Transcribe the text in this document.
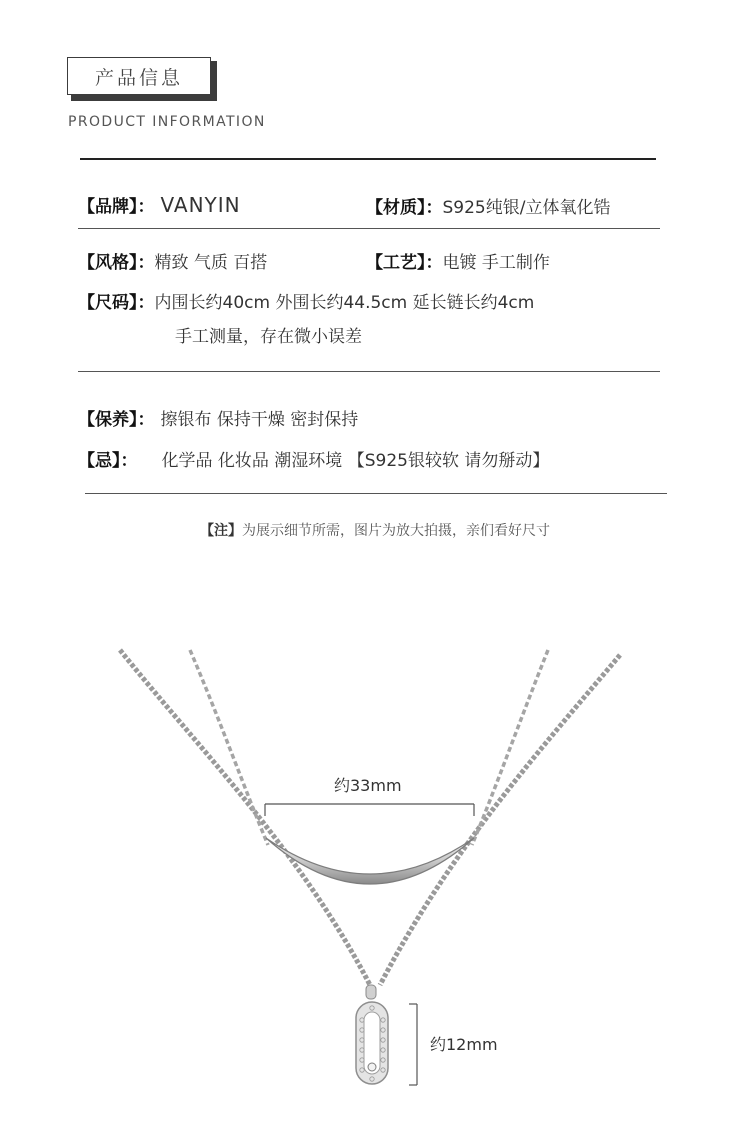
产品信息
PRODUCT INFORMATION
【品牌】： VANYIN	【材质】：S925纯银/立体氧化锆
【风格】：精致 气质 百搭	【工艺】：电镀 手工制作
【尺码】：内围长约40cm 外围长约44.5cm 延长链长约4cm
手工测量，存在微小误差
【保养】： 擦银布 保持干燥 密封保持
【忌】： 化学品 化妆品 潮湿环境 【S925银较软 请勿掰动】
【注】为展示细节所需，图片为放大拍摄，亲们看好尺寸
约33mm
约12mm
